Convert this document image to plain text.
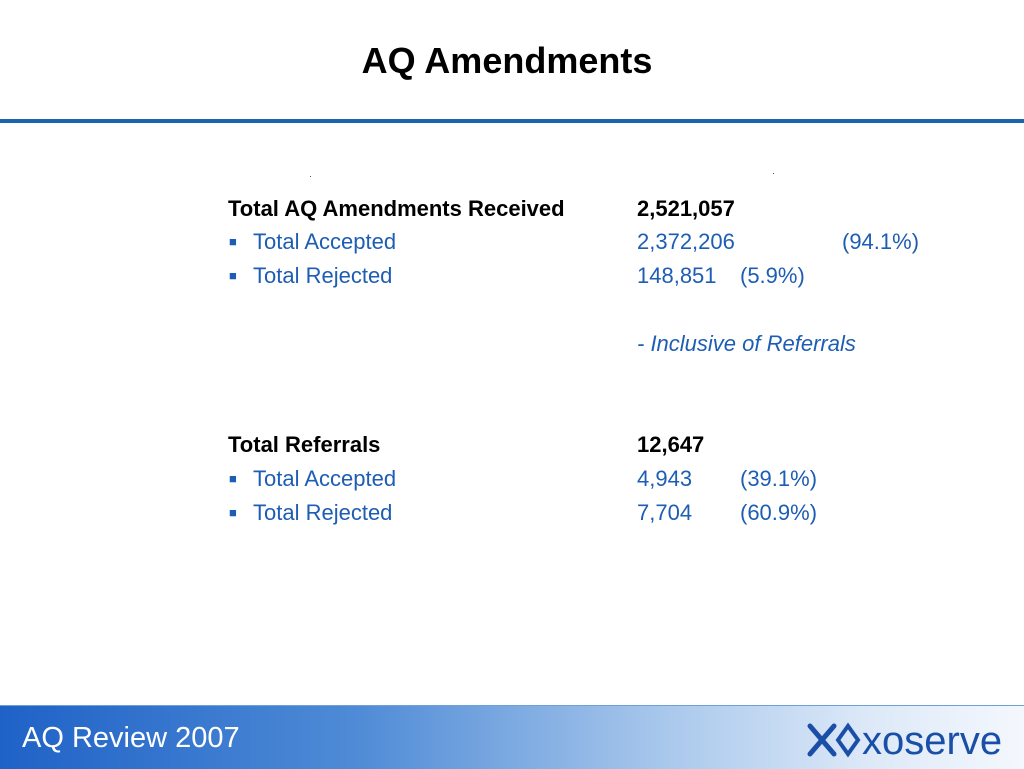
AQ Amendments
Total AQ Amendments Received	2,521,057
■ Total Accepted	2,372,206	(94.1%)
■ Total Rejected	148,851 (5.9%)
- Inclusive of Referrals
Total Referrals	12,647
■ Total Accepted	4,943 (39.1%)
■ Total Rejected	7,704 (60.9%)
AQ Review 2007	xoserve
